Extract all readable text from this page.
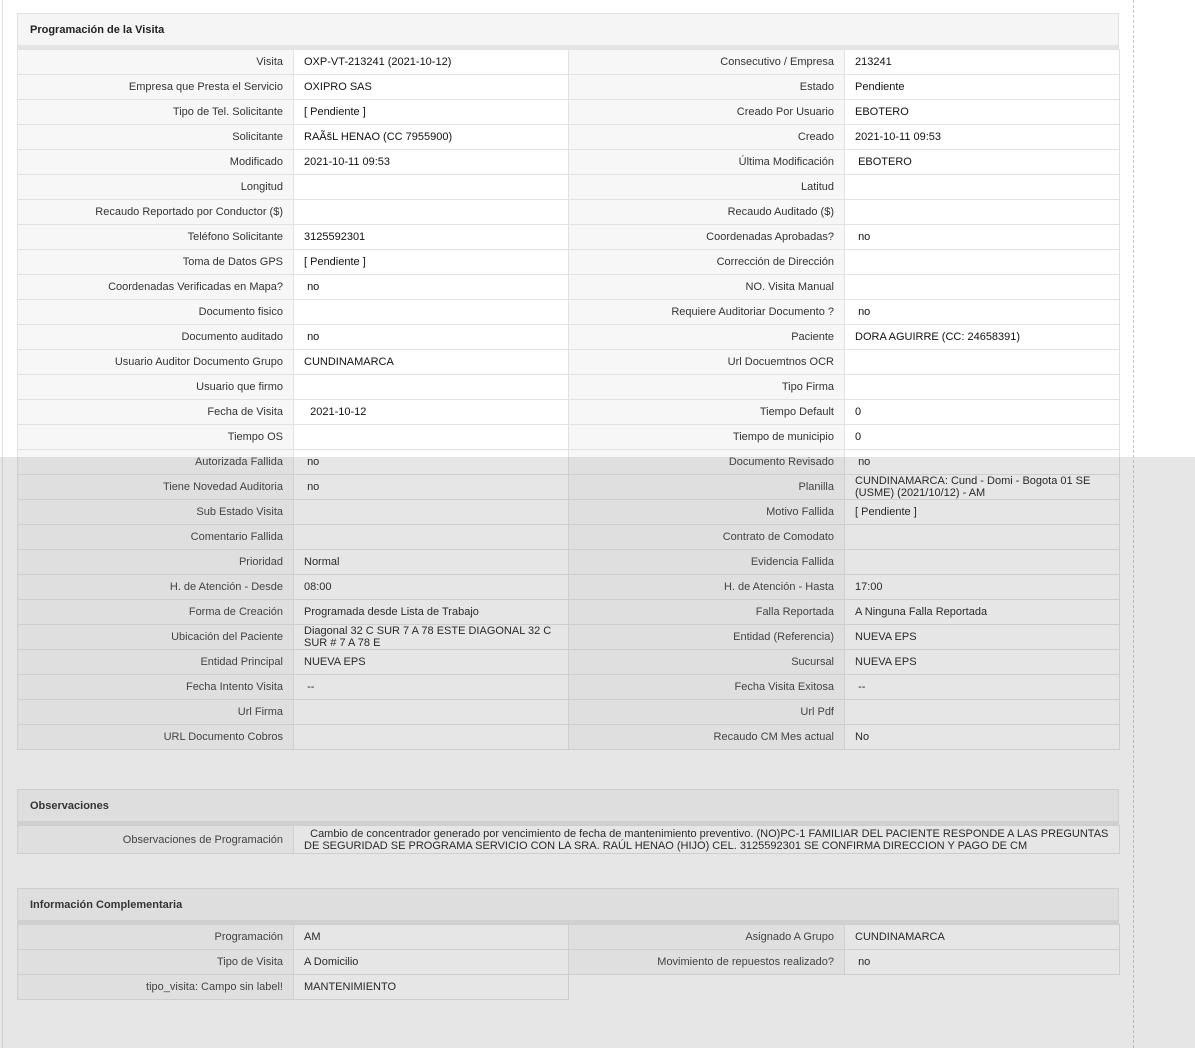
Programación de la Visita
Visita	OXP-VT-213241 (2021-10-12)	Consecutivo / Empresa	213241
Empresa que Presta el Servicio	OXIPRO SAS	Estado	Pendiente
Tipo de Tel. Solicitante	[ Pendiente ]	Creado Por Usuario	EBOTERO
Solicitante	RAÃšL HENAO (CC 7955900)	Creado	2021-10-11 09:53
Modificado	2021-10-11 09:53	Última Modificación	EBOTERO
Longitud		Latitud	
Recaudo Reportado por Conductor ($)		Recaudo Auditado ($)	
Teléfono Solicitante	3125592301	Coordenadas Aprobadas?	no
Toma de Datos GPS	[ Pendiente ]	Corrección de Dirección	
Coordenadas Verificadas en Mapa?	no	NO. Visita Manual	
Documento fisico		Requiere Auditoriar Documento ?	no
Documento auditado	no	Paciente	DORA AGUIRRE (CC: 24658391)
Usuario Auditor Documento Grupo	CUNDINAMARCA	Url Docuemtnos OCR	
Usuario que firmo		Tipo Firma	
Fecha de Visita	2021-10-12	Tiempo Default	0
Tiempo OS		Tiempo de municipio	0
Autorizada Fallida	no	Documento Revisado	no
Tiene Novedad Auditoria	no	Planilla	CUNDINAMARCA: Cund - Domi - Bogota 01 SE (USME) (2021/10/12) - AM
Sub Estado Visita		Motivo Fallida	[ Pendiente ]
Comentario Fallida		Contrato de Comodato	
Prioridad	Normal	Evidencia Fallida	
H. de Atención - Desde	08:00	H. de Atención - Hasta	17:00
Forma de Creación	Programada desde Lista de Trabajo	Falla Reportada	A Ninguna Falla Reportada
Ubicación del Paciente	Diagonal 32 C SUR 7 A 78 ESTE DIAGONAL 32 C SUR # 7 A 78 E	Entidad (Referencia)	NUEVA EPS
Entidad Principal	NUEVA EPS	Sucursal	NUEVA EPS
Fecha Intento Visita	--	Fecha Visita Exitosa	--
Url Firma		Url Pdf	
URL Documento Cobros		Recaudo CM Mes actual	No
Observaciones
Observaciones de Programación	Cambio de concentrador generado por vencimiento de fecha de mantenimiento preventivo. (NO)PC-1 FAMILIAR DEL PACIENTE RESPONDE A LAS PREGUNTAS DE SEGURIDAD SE PROGRAMA SERVICIO CON LA SRA. RAÚL HENAO (HIJO) CEL. 3125592301 SE CONFIRMA DIRECCION Y PAGO DE CM
Información Complementaria
Programación	AM	Asignado A Grupo	CUNDINAMARCA
Tipo de Visita	A Domicilio	Movimiento de repuestos realizado?	no
tipo_visita: Campo sin label!	MANTENIMIENTO		
